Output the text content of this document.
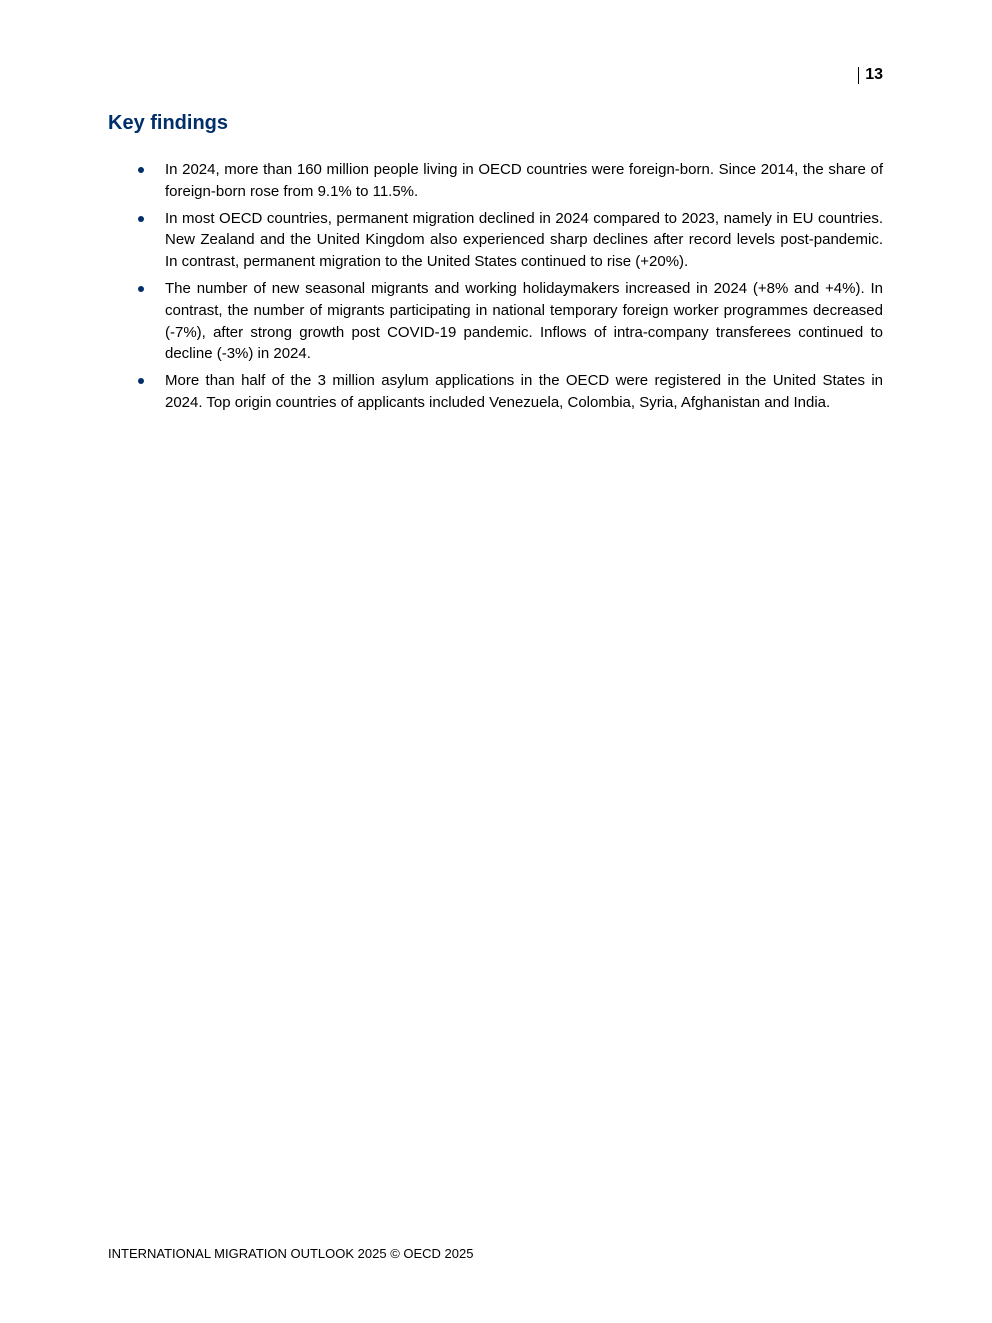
13
Key findings
In 2024, more than 160 million people living in OECD countries were foreign-born. Since 2014, the share of foreign-born rose from 9.1% to 11.5%.
In most OECD countries, permanent migration declined in 2024 compared to 2023, namely in EU countries. New Zealand and the United Kingdom also experienced sharp declines after record levels post-pandemic. In contrast, permanent migration to the United States continued to rise (+20%).
The number of new seasonal migrants and working holidaymakers increased in 2024 (+8% and +4%). In contrast, the number of migrants participating in national temporary foreign worker programmes decreased (-7%), after strong growth post COVID-19 pandemic. Inflows of intra-company transferees continued to decline (-3%) in 2024.
More than half of the 3 million asylum applications in the OECD were registered in the United States in 2024. Top origin countries of applicants included Venezuela, Colombia, Syria, Afghanistan and India.
INTERNATIONAL MIGRATION OUTLOOK 2025 © OECD 2025
